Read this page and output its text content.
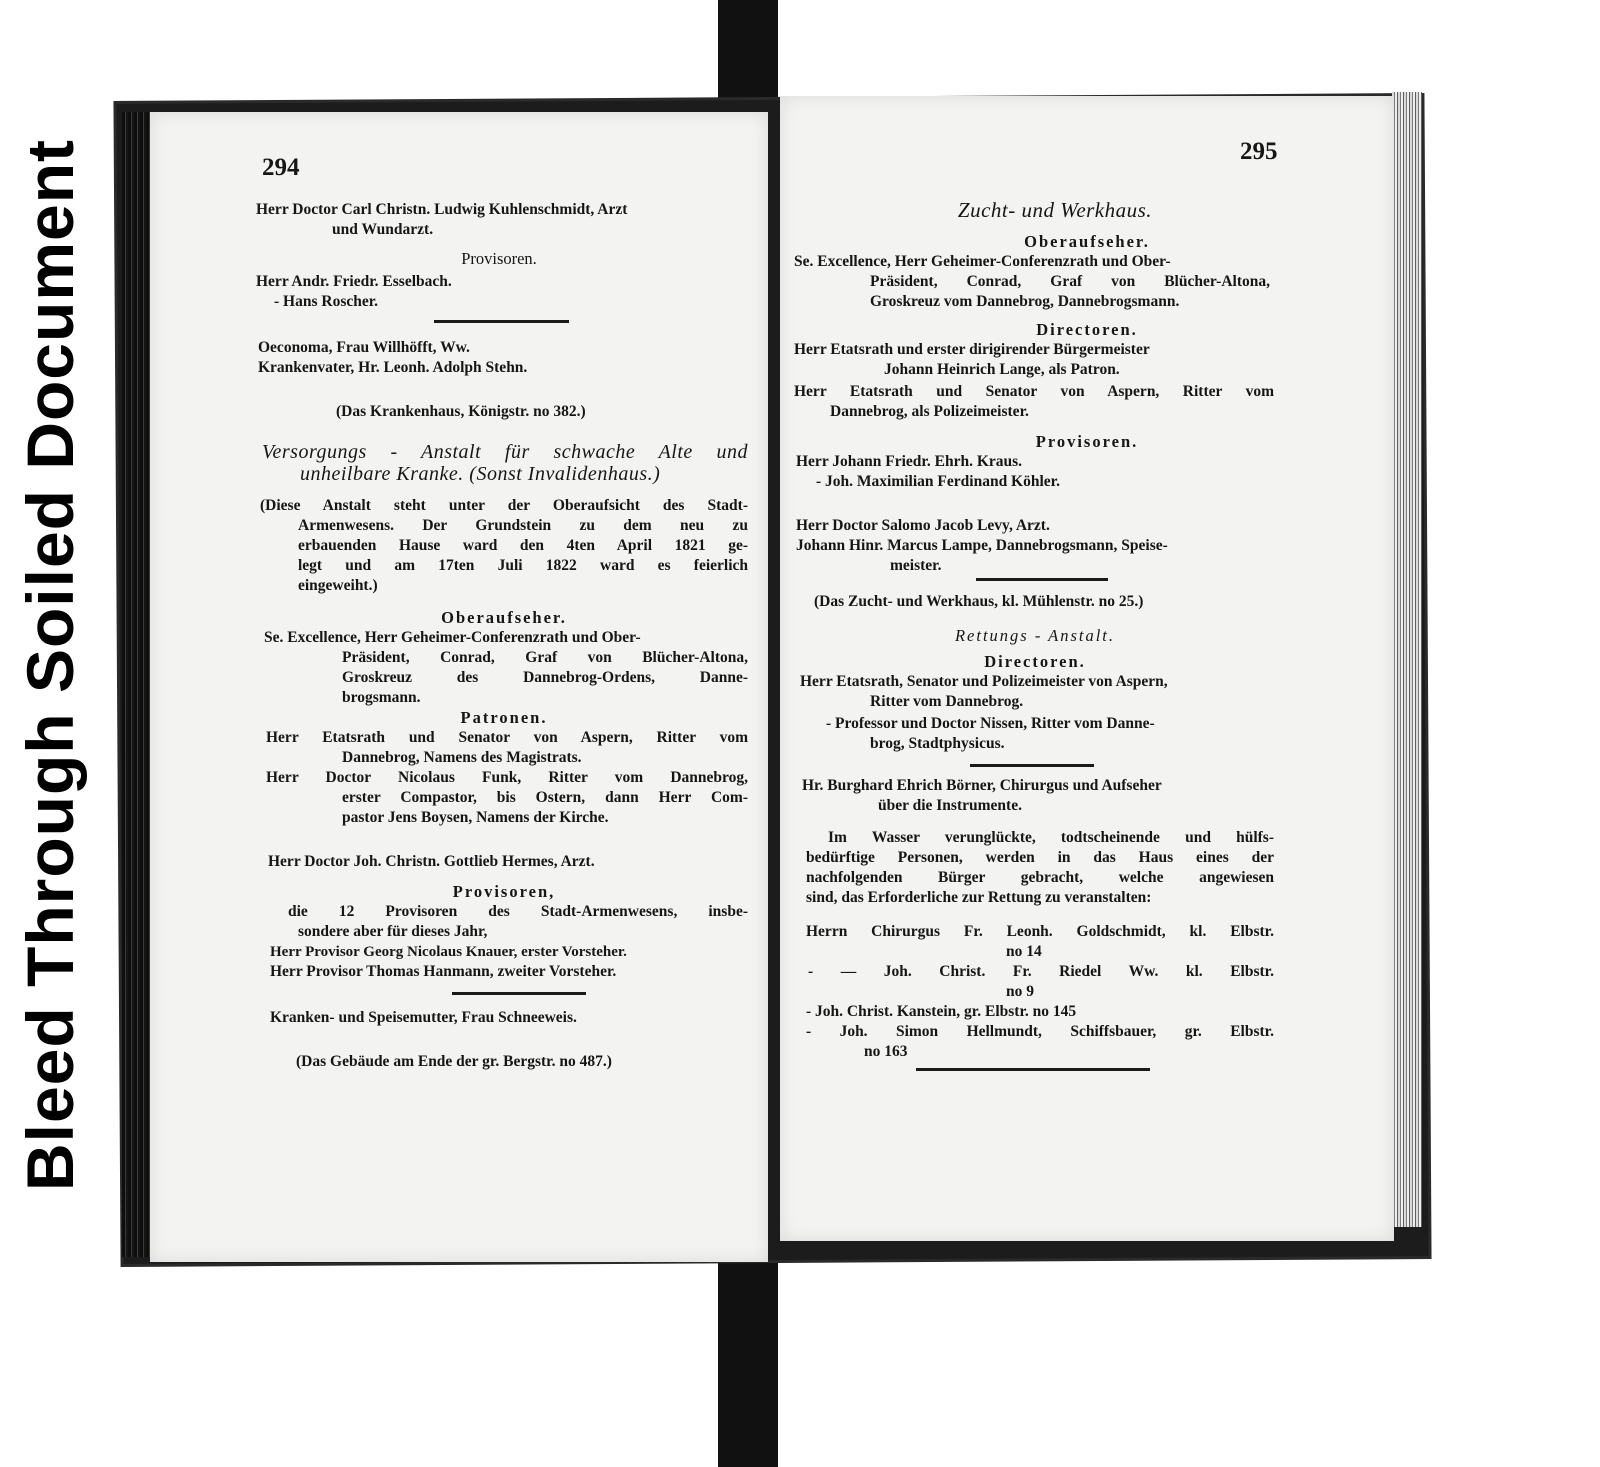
Bleed Through Soiled Document	294
Herr Doctor Carl Christn. Ludwig Kuhlenschmidt, Arzt
und Wundarzt.
Provisoren.
Herr Andr. Friedr. Esselbach.
- Hans Roscher.
Oeconoma, Frau Willhöfft, Ww.
Krankenvater, Hr. Leonh. Adolph Stehn.
(Das Krankenhaus, Königstr. no 382.)
Versorgungs - Anstalt für schwache Alte und
unheilbare Kranke. (Sonst Invalidenhaus.)
(Diese Anstalt steht unter der Oberaufsicht des Stadt-
Armenwesens. Der Grundstein zu dem neu zu
erbauenden Hause ward den 4ten April 1821 ge-
legt und am 17ten Juli 1822 ward es feierlich
eingeweiht.)
Oberaufseher.
Se. Excellence, Herr Geheimer-Conferenzrath und Ober-
Präsident, Conrad, Graf von Blücher-Altona,
Groskreuz des Dannebrog-Ordens, Danne-
brogsmann.
Patronen.
Herr Etatsrath und Senator von Aspern, Ritter vom
Dannebrog, Namens des Magistrats.
Herr Doctor Nicolaus Funk, Ritter vom Dannebrog,
erster Compastor, bis Ostern, dann Herr Com-
pastor Jens Boysen, Namens der Kirche.
Herr Doctor Joh. Christn. Gottlieb Hermes, Arzt.
Provisoren,
die 12 Provisoren des Stadt-Armenwesens, insbe-
sondere aber für dieses Jahr,
Herr Provisor Georg Nicolaus Knauer, erster Vorsteher.
Herr Provisor Thomas Hanmann, zweiter Vorsteher.
Kranken- und Speisemutter, Frau Schneeweis.
(Das Gebäude am Ende der gr. Bergstr. no 487.)
295
Zucht- und Werkhaus.
Oberaufseher.
Se. Excellence, Herr Geheimer-Conferenzrath und Ober-
Präsident, Conrad, Graf von Blücher-Altona,
Groskreuz vom Dannebrog, Dannebrogsmann.
Directoren.
Herr Etatsrath und erster dirigirender Bürgermeister
Johann Heinrich Lange, als Patron.
Herr Etatsrath und Senator von Aspern, Ritter vom
Dannebrog, als Polizeimeister.
Provisoren.
Herr Johann Friedr. Ehrh. Kraus.
- Joh. Maximilian Ferdinand Köhler.
Herr Doctor Salomo Jacob Levy, Arzt.
Johann Hinr. Marcus Lampe, Dannebrogsmann, Speise-
meister.
(Das Zucht- und Werkhaus, kl. Mühlenstr. no 25.)
Rettungs - Anstalt.
Directoren.
Herr Etatsrath, Senator und Polizeimeister von Aspern,
Ritter vom Dannebrog.
- Professor und Doctor Nissen, Ritter vom Danne-
brog, Stadtphysicus.
Hr. Burghard Ehrich Börner, Chirurgus und Aufseher
über die Instrumente.
Im Wasser verunglückte, todtscheinende und hülfs-
bedürftige Personen, werden in das Haus eines der
nachfolgenden Bürger gebracht, welche angewiesen
sind, das Erforderliche zur Rettung zu veranstalten:
Herrn Chirurgus Fr. Leonh. Goldschmidt, kl. Elbstr.
no 14
- — Joh. Christ. Fr. Riedel Ww. kl. Elbstr.
no 9
- Joh. Christ. Kanstein, gr. Elbstr. no 145
- Joh. Simon Hellmundt, Schiffsbauer, gr. Elbstr.
no 163
